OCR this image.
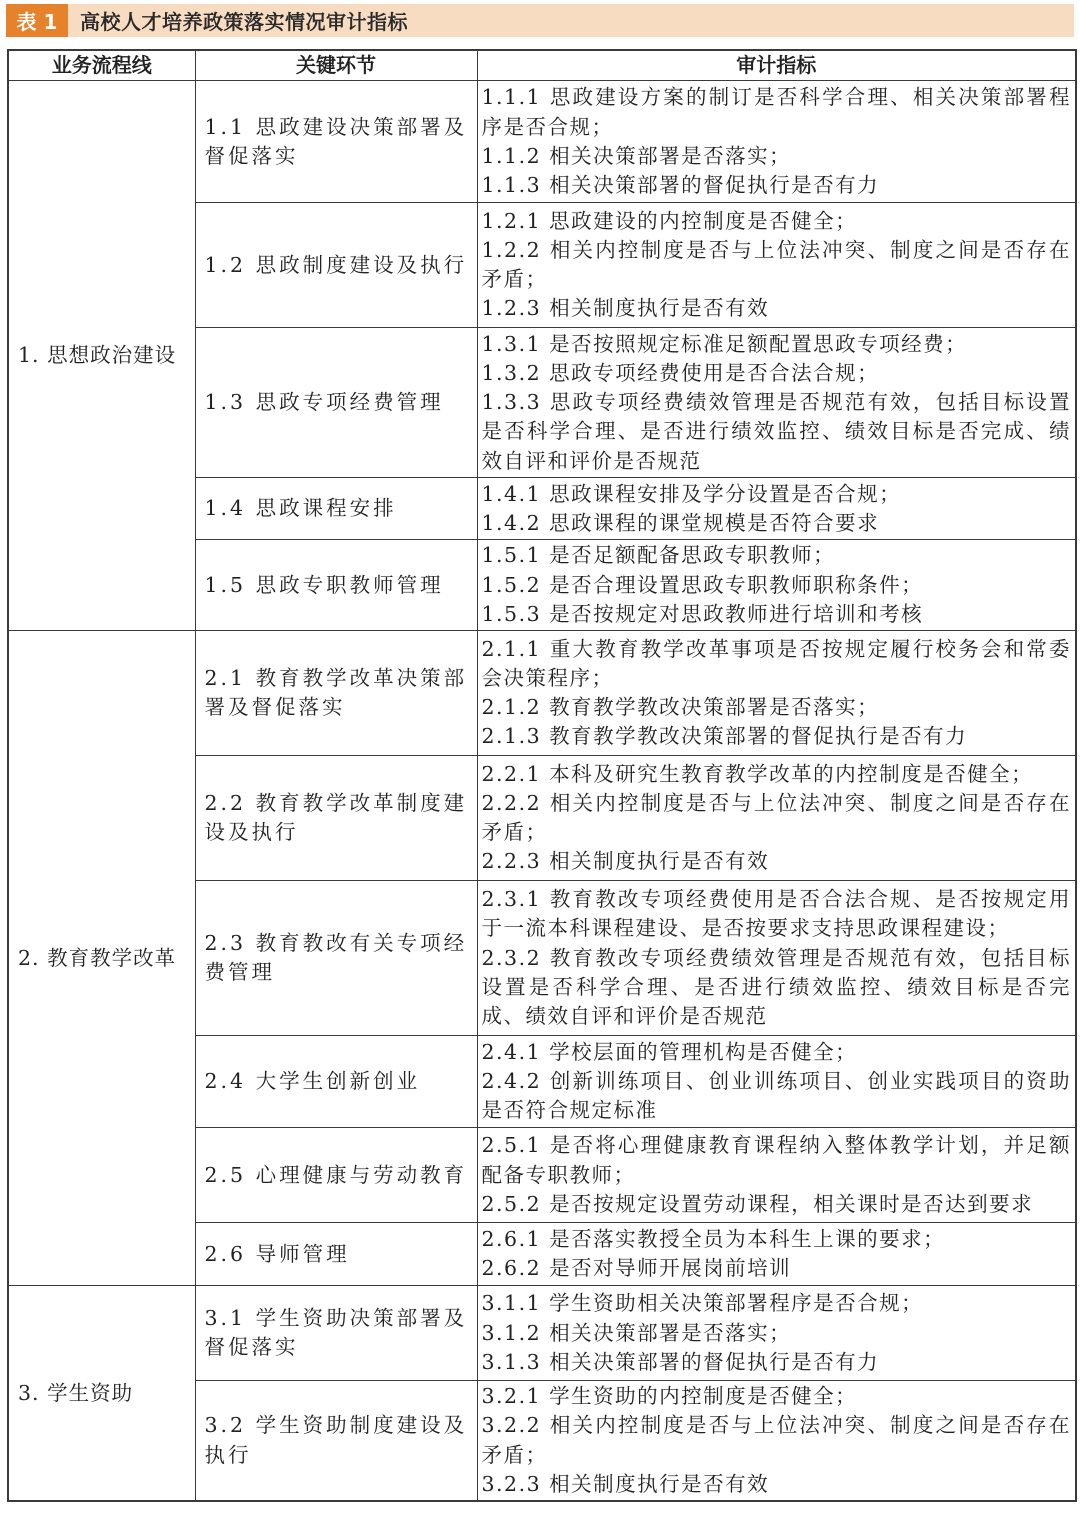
表 1	高校人才培养政策落实情况审计指标
业务流程线	关键环节	审计指标
1. 思想政治建设	1.1 思政建设决策部署及督促落实	1.1.1 思政建设方案的制订是否科学合理、相关决策部署程序是否合规；
1.1.2 相关决策部署是否落实；
1.1.3 相关决策部署的督促执行是否有力

	1.2 思政制度建设及执行	1.2.1 思政建设的内控制度是否健全；
1.2.2 相关内控制度是否与上位法冲突、制度之间是否存在矛盾；
1.2.3 相关制度执行是否有效

	1.3 思政专项经费管理	1.3.1 是否按照规定标准足额配置思政专项经费；
1.3.2 思政专项经费使用是否合法合规；
1.3.3 思政专项经费绩效管理是否规范有效，包括目标设置是否科学合理、是否进行绩效监控、绩效目标是否完成、绩效自评和评价是否规范

	1.4 思政课程安排	1.4.1 思政课程安排及学分设置是否合规；
1.4.2 思政课程的课堂规模是否符合要求

	1.5 思政专职教师管理	1.5.1 是否足额配备思政专职教师；
1.5.2 是否合理设置思政专职教师职称条件；
1.5.3 是否按规定对思政教师进行培训和考核

2. 教育教学改革	2.1 教育教学改革决策部署及督促落实	2.1.1 重大教育教学改革事项是否按规定履行校务会和常委会决策程序；
2.1.2 教育教学教改决策部署是否落实；
2.1.3 教育教学教改决策部署的督促执行是否有力

	2.2 教育教学改革制度建设及执行	2.2.1 本科及研究生教育教学改革的内控制度是否健全；
2.2.2 相关内控制度是否与上位法冲突、制度之间是否存在矛盾；
2.2.3 相关制度执行是否有效

	2.3 教育教改有关专项经费管理	2.3.1 教育教改专项经费使用是否合法合规、是否按规定用于一流本科课程建设、是否按要求支持思政课程建设；
2.3.2 教育教改专项经费绩效管理是否规范有效，包括目标设置是否科学合理、是否进行绩效监控、绩效目标是否完成、绩效自评和评价是否规范

	2.4 大学生创新创业	2.4.1 学校层面的管理机构是否健全；
2.4.2 创新训练项目、创业训练项目、创业实践项目的资助是否符合规定标准

	2.5 心理健康与劳动教育	2.5.1 是否将心理健康教育课程纳入整体教学计划，并足额配备专职教师；
2.5.2 是否按规定设置劳动课程，相关课时是否达到要求

	2.6 导师管理	2.6.1 是否落实教授全员为本科生上课的要求；
2.6.2 是否对导师开展岗前培训

3. 学生资助	3.1 学生资助决策部署及督促落实	3.1.1 学生资助相关决策部署程序是否合规；
3.1.2 相关决策部署是否落实；
3.1.3 相关决策部署的督促执行是否有力

	3.2 学生资助制度建设及执行	3.2.1 学生资助的内控制度是否健全；
3.2.2 相关内控制度是否与上位法冲突、制度之间是否存在矛盾；
3.2.3 相关制度执行是否有效
